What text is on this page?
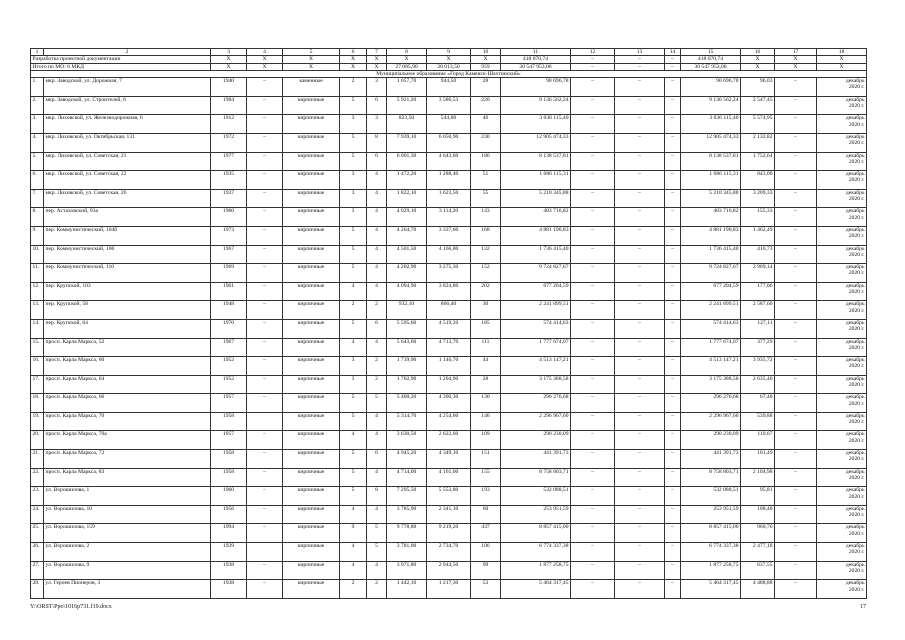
1	2	3	4	5	6	7	8	9	10	11	12	13	14	15	16	17	18
Разработка проектной документации		X	X	X	X	X	X	X	X	418 070,74	–	–	–	418 070,74	X	X	X
Итого по МО: 6 МКД		X	X	X	X	X	27 085,90	20 013,50	959	30 547 953,06	–	–	–	30 547 953,06	X	X	X
Муниципальное образование «Город Каменск-Шахтинский»																	
1.	мкр. Заводской, ул. Дорожная, 7	1940	–	каменные	2	3	1 057,70	944,50	28	90 696,78	–	–	–	90 696,78	96,03	–	декабрь
2020 г.

2.	мкр. Заводской, ул. Строителей, 6	1984	–	кирпичные	5	6	5 921,20	3 586,53	220	9 136 562,24	–	–	–	9 136 562,24	2 547,45	–	декабрь
2020 г.

3.	мкр. Лиховской, ул. Железнодорожная, 6	1912	–	кирпичные	3	3	823,50	544,60	46	3 036 115,40	–	–	–	3 036 115,40	5 574,95	–	декабрь
2020 г.

4.	мкр. Лиховской, ул. Октябрьская, 131	1972	–	кирпичные	5	8	7 939,10	6 050,90	230	12 905 474,33	–	–	–	12 905 474,33	2 132,82	–	декабрь
2020 г.

5.	мкр. Лиховской, ул. Советская, 21	1977	–	кирпичные	5	6	6 001,30	4 643,60	186	8 138 537,81	–	–	–	8 138 537,81	1 752,64	–	декабрь
2020 г.

6.	мкр. Лиховской, ул. Советская, 22	1935	–	кирпичные	3	4	1 472,20	1 288,40	51	1 086 115,31	–	–	–	1 086 115,31	843,00	–	декабрь
2020 г.

7.	мкр. Лиховской, ул. Советская, 26	1937	–	кирпичные	3	4	1 822,10	1 623,50	55	5 210 345,88	–	–	–	5 210 345,88	3 209,33	–	декабрь
2020 г.

8.	пер. Астаховский, 93а	1960	–	кирпичные	3	4	4 029,10	3 114,20	143	483 716,82	–	–	–	483 716,82	155,33	–	декабрь
2020 г.

9.	пер. Коммунистический, 104б	1973	–	кирпичные	5	4	4 264,70	3 337,60	168	4 881 190,83	–	–	–	4 881 190,83	1 462,49	–	декабрь
2020 г.

10.	пер. Коммунистический, 106	1967	–	кирпичные	5	4	4 501,50	4 166,80	132	1 736 415,40	–	–	–	1 736 415,40	416,73	–	декабрь
2020 г.

11.	пер. Коммунистический, 110	1969	–	кирпичные	5	4	4 202,90	3 275,30	152	9 724 827,67	–	–	–	9 724 827,67	2 969,14	–	декабрь
2020 г.

12.	пер. Крупской, 103	1961	–	кирпичные	4	4	4 094,90	3 824,80	202	677 204,59	–	–	–	677 204,59	177,06	–	декабрь
2020 г.

13.	пер. Крупской, 58	1948	–	кирпичные	2	2	932,10	866,40	30	2 241 899,51	–	–	–	2 241 899,51	2 587,60	–	декабрь
2020 г.

14.	пер. Крупской, 64	1970	–	кирпичные	5	6	5 595,60	4 519,20	185	574 414,63	–	–	–	574 414,63	127,11	–	декабрь
2020 г.

15.	просп. Карла Маркса, 52	1967	–	кирпичные	4	4	5 643,60	4 713,70	111	1 777 674,07	–	–	–	1 777 674,07	377,29	–	декабрь
2020 г.

16.	просп. Карла Маркса, 60	1952	–	кирпичные	3	2	1 719,90	1 146,70	44	4 513 147,21	–	–	–	4 513 147,21	3 935,72	–	декабрь
2020 г.

17.	просп. Карла Маркса, 64	1952	–	кирпичные	3	2	1 702,90	1 204,90	28	3 175 388,58	–	–	–	3 175 388,58	2 635,40	–	декабрь
2020 г.

18.	просп. Карла Маркса, 66	1957	–	кирпичные	5	5	5 400,20	4 390,30	130	296 276,68	–	–	–	296 276,68	67,48	–	декабрь
2020 г.

19.	просп. Карла Маркса, 70	1958		кирпичные	5	4	5 314,70	4 254,60	146	2 296 967,60	–	–	–	2 296 967,60	539,88	–	декабрь
2020 г.

20.	просп. Карла Маркса, 70а	1957	–	кирпичные	4	4	3 630,50	2 622,60	109	290 230,09	–	–	–	290 230,09	110,67	–	декабрь
2020 г.

21.	просп. Карла Маркса, 72	1958	–	кирпичные	5	6	4 945,20	4 349,10	151	441 391,73	–	–	–	441 391,73	101,49	–	декабрь
2020 г.

22.	просп. Карла Маркса, 83	1958	–	кирпичные	5	4	4 714,00	4 161,00	155	8 758 803,71	–	–	–	8 758 803,71	2 104,98	–	декабрь
2020 г.

23.	ул. Ворошилова, 1	1960	–	кирпичные	5	8	7 295,50	5 553,80	193	532 088,51	–	–	–	532 088,51	95,81	–	декабрь
2020 г.

24.	ул. Ворошилова, 10	1956	–	кирпичные	4	4	3 785,90	2 341,10	60	253 951,59	–	–	–	253 951,59	108,48	–	декабрь
2020 г.

25.	ул. Ворошилова, 159	1994	–	кирпичные	9	5	9 778,80	9 219,20	437	8 857 415,00	–	–	–	8 857 415,00	960,76	–	декабрь
2020 г.

26.	ул. Ворошилова, 2	1939		кирпичные	4	5	3 781,00	2 734,70	106	6 774 337,38	–	–	–	6 774 337,38	2 477,18	–	декабрь
2020 г.

27.	ул. Ворошилова, 9	1938	–	кирпичные	4	4	3 971,80	2 944,50	99	1 877 258,75	–	–	–	1 877 258,75	637,55	–	декабрь
2020 г.

28.	ул. Героев Пионеров, 3	1938	–	кирпичные	2	2	1 442,10	1 217,30	53	5 464 317,45	–	–	–	5 464 317,45	4 488,88	–	декабрь
2020 г.
Y:\ORST\Ppo\1016p731.f19.docx	17
